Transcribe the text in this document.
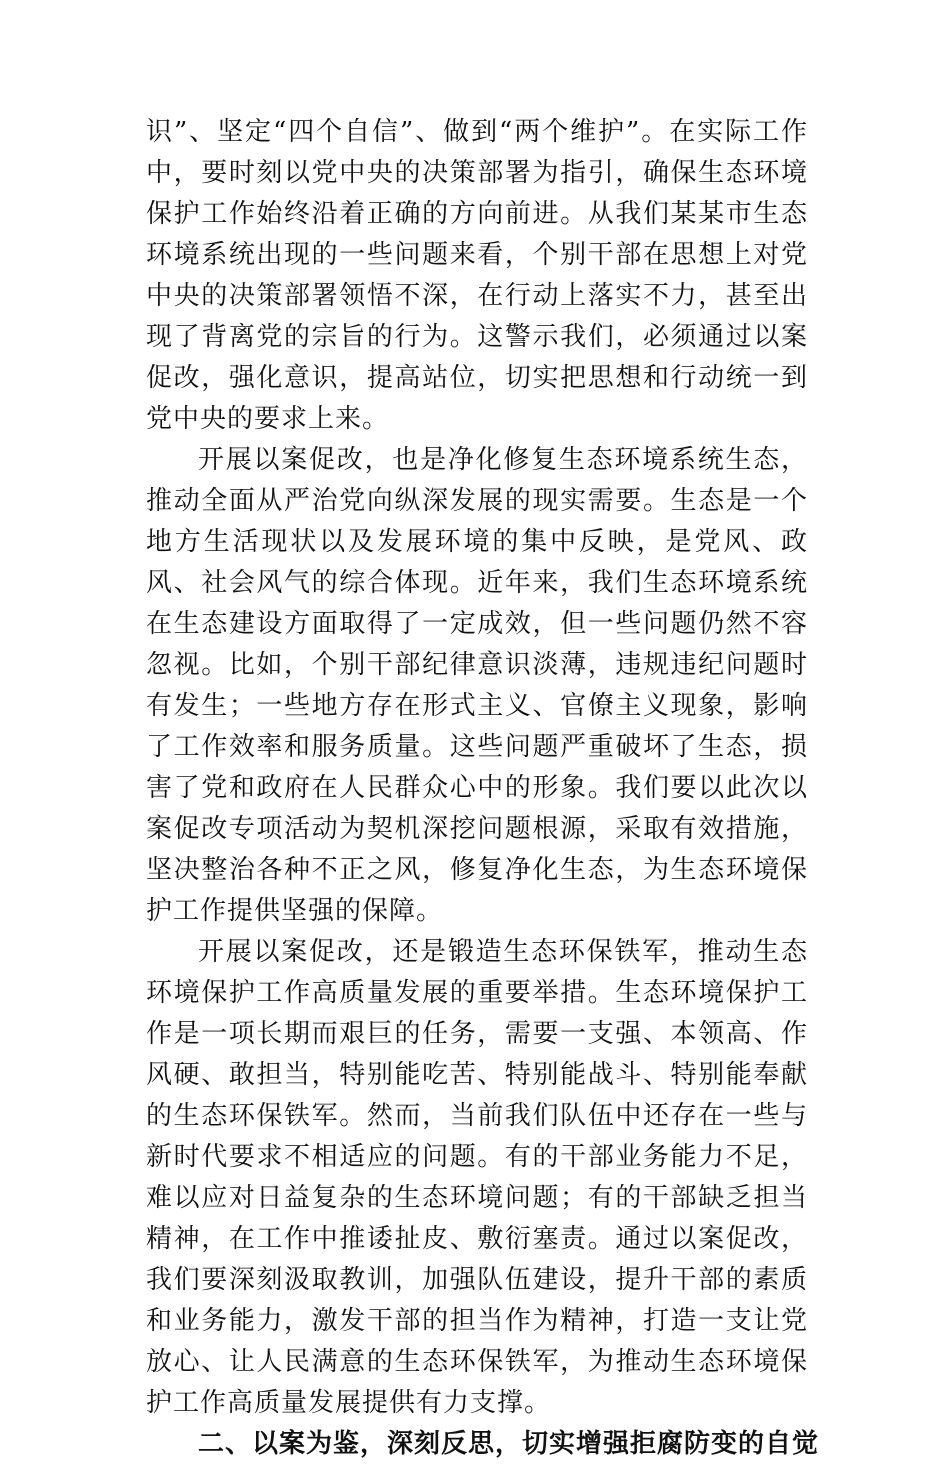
识”、坚定“四个自信”、做到“两个维护”。在实际工作中，要时刻以党中央的决策部署为指引，确保生态环境保护工作始终沿着正确的方向前进。从我们某某市生态环境系统出现的一些问题来看，个别干部在思想上对党中央的决策部署领悟不深，在行动上落实不力，甚至出现了背离党的宗旨的行为。这警示我们，必须通过以案促改，强化意识，提高站位，切实把思想和行动统一到党中央的要求上来。

开展以案促改，也是净化修复生态环境系统生态，推动全面从严治党向纵深发展的现实需要。生态是一个地方生活现状以及发展环境的集中反映，是党风、政风、社会风气的综合体现。近年来，我们生态环境系统在生态建设方面取得了一定成效，但一些问题仍然不容忽视。比如，个别干部纪律意识淡薄，违规违纪问题时有发生；一些地方存在形式主义、官僚主义现象，影响了工作效率和服务质量。这些问题严重破坏了生态，损害了党和政府在人民群众心中的形象。我们要以此次以案促改专项活动为契机深挖问题根源，采取有效措施，坚决整治各种不正之风，修复净化生态，为生态环境保护工作提供坚强的保障。

开展以案促改，还是锻造生态环保铁军，推动生态环境保护工作高质量发展的重要举措。生态环境保护工作是一项长期而艰巨的任务，需要一支强、本领高、作风硬、敢担当，特别能吃苦、特别能战斗、特别能奉献的生态环保铁军。然而，当前我们队伍中还存在一些与新时代要求不相适应的问题。有的干部业务能力不足，难以应对日益复杂的生态环境问题；有的干部缺乏担当精神，在工作中推诿扯皮、敷衍塞责。通过以案促改，我们要深刻汲取教训，加强队伍建设，提升干部的素质和业务能力，激发干部的担当作为精神，打造一支让党放心、让人民满意的生态环保铁军，为推动生态环境保护工作高质量发展提供有力支撑。

二、以案为鉴，深刻反思，切实增强拒腐防变的自觉
